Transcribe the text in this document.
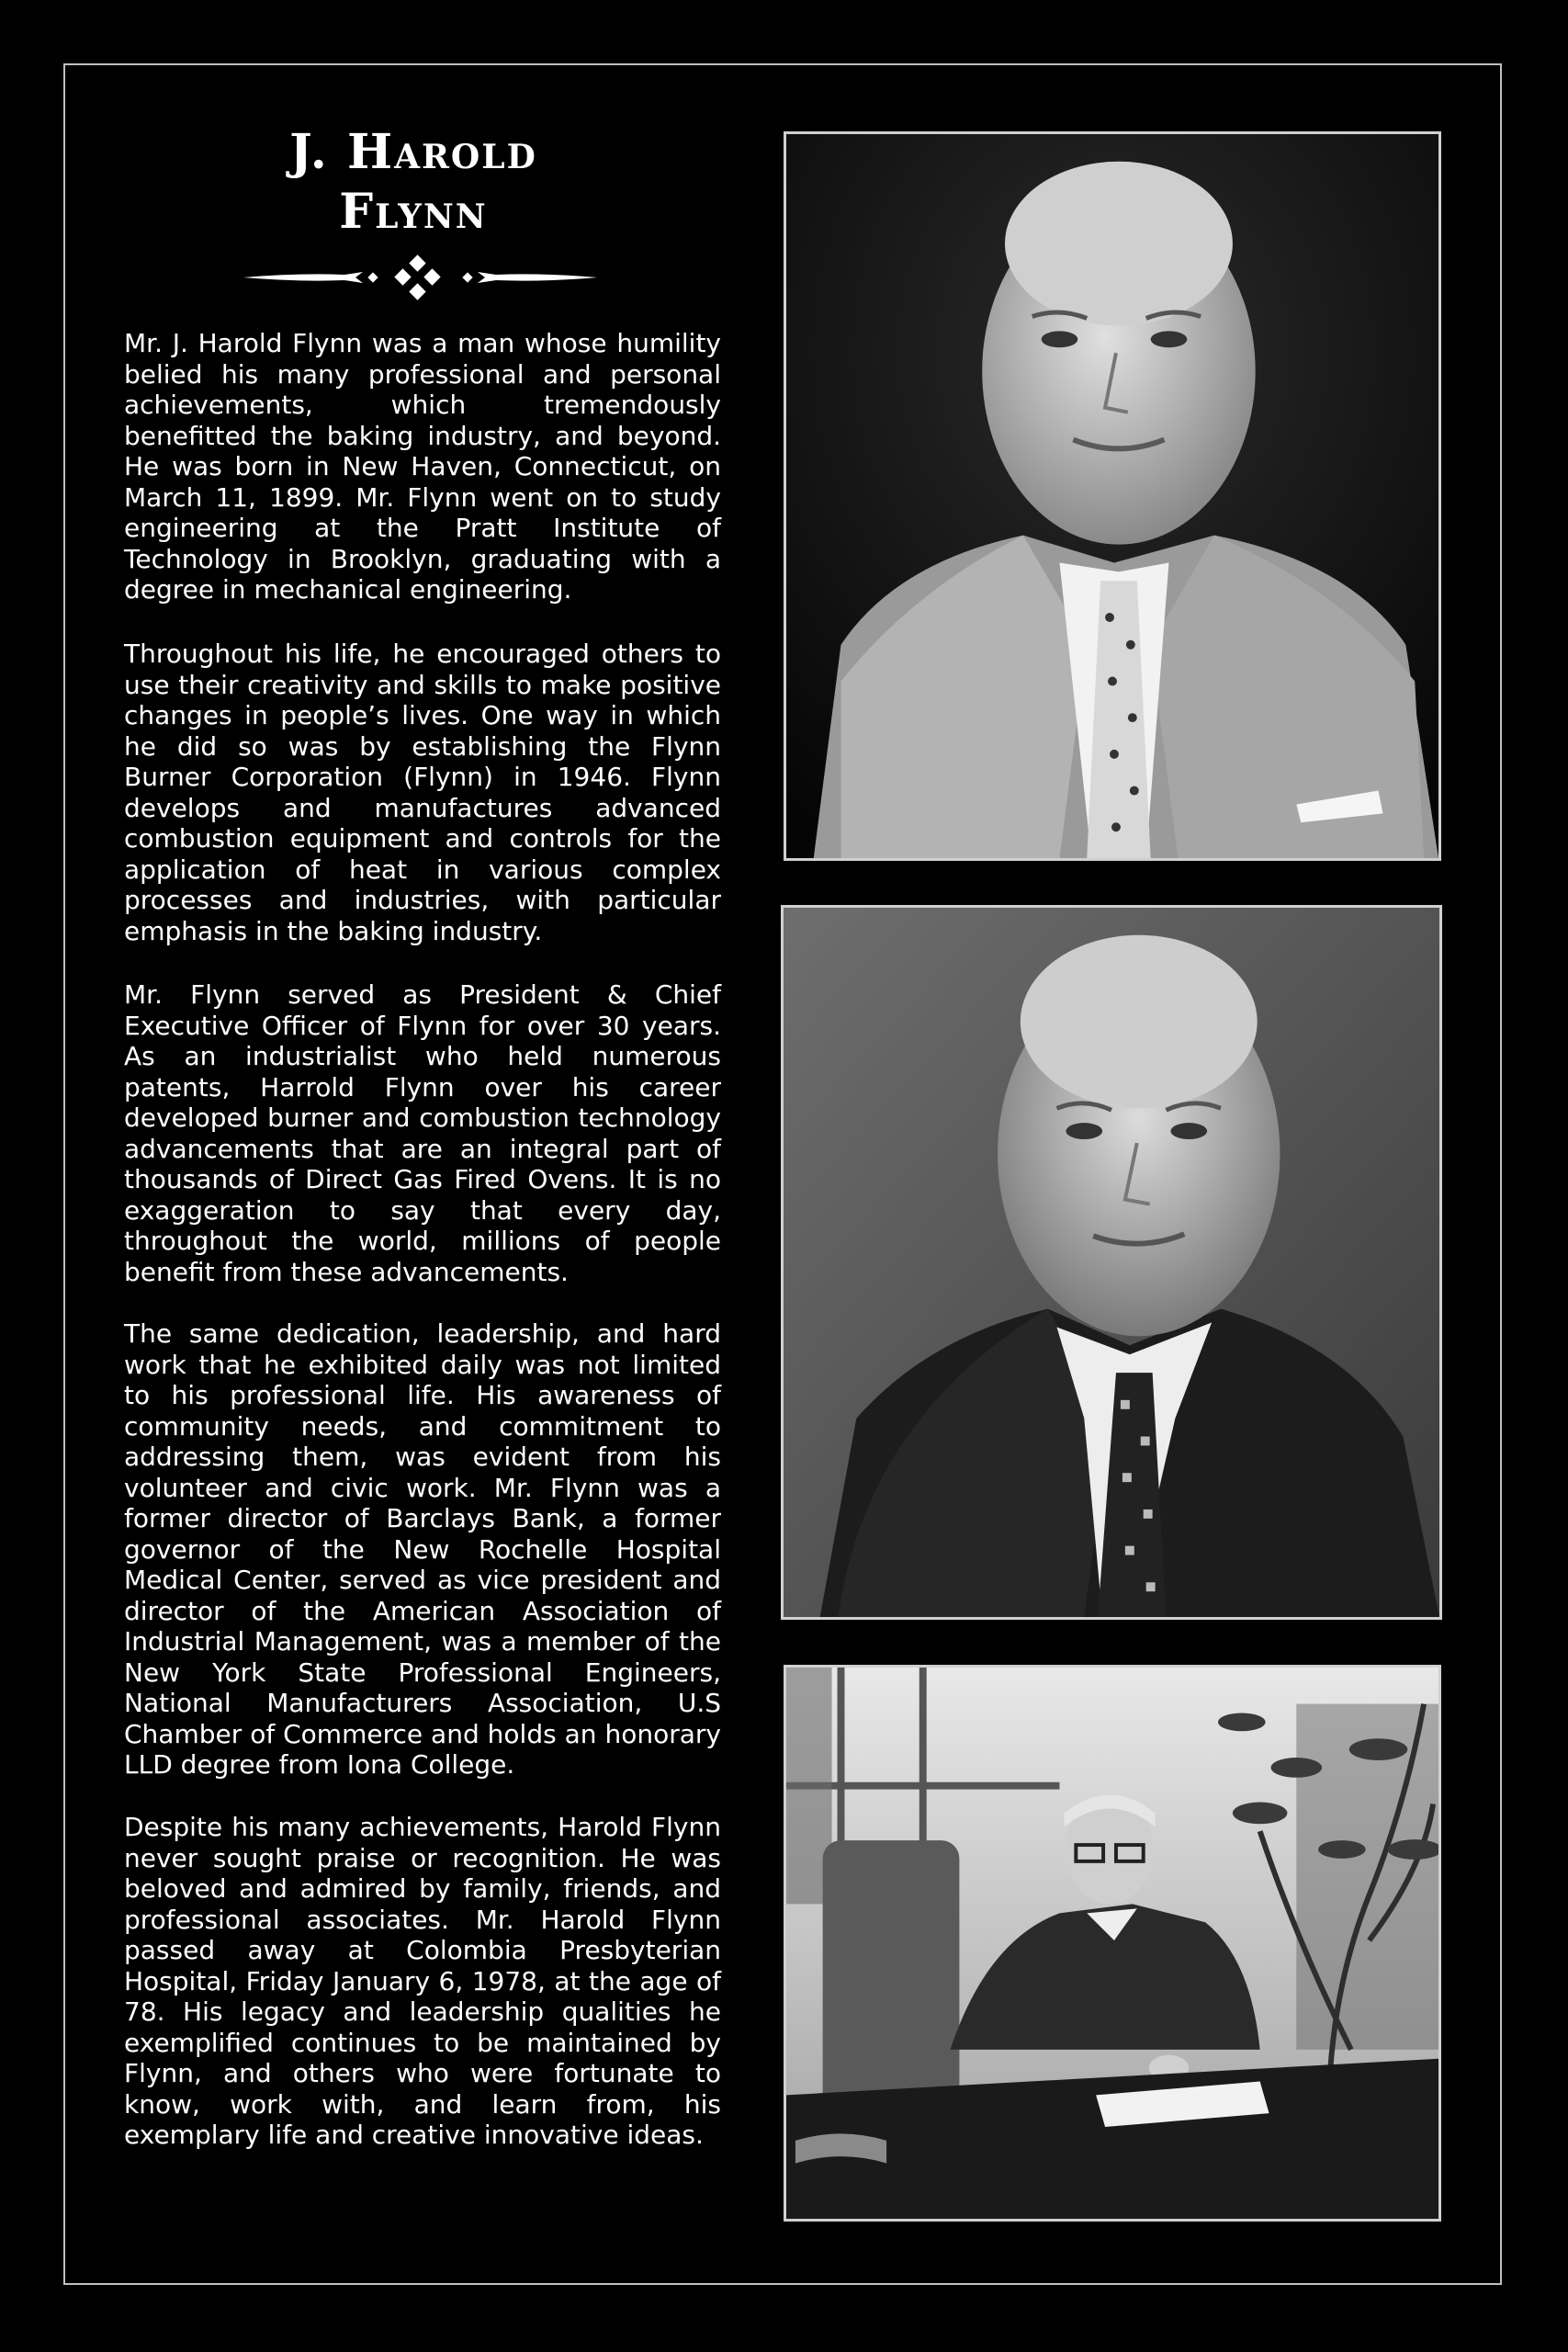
J. Harold
Flynn

Mr. J. Harold Flynn was a man whose humility belied his many professional and personal achievements, which tremendously benefitted the baking industry, and beyond. He was born in New Haven, Connecticut, on March 11, 1899. Mr. Flynn went on to study engineering at the Pratt Institute of Technology in Brooklyn, graduating with a degree in mechanical engineering.

Throughout his life, he encouraged others to use their creativity and skills to make positive changes in people’s lives. One way in which he did so was by establishing the Flynn Burner Corporation (Flynn) in 1946. Flynn develops and manufactures advanced combustion equipment and controls for the application of heat in various complex processes and industries, with particular emphasis in the baking industry.

Mr. Flynn served as President & Chief Executive Officer of Flynn for over 30 years. As an industrialist who held numerous patents, Harrold Flynn over his career developed burner and combustion technology advancements that are an integral part of thousands of Direct Gas Fired Ovens. It is no exaggeration to say that every day, throughout the world, millions of people benefit from these advancements.

The same dedication, leadership, and hard work that he exhibited daily was not limited to his professional life. His awareness of community needs, and commitment to addressing them, was evident from his volunteer and civic work. Mr. Flynn was a former director of Barclays Bank, a former governor of the New Rochelle Hospital Medical Center, served as vice president and director of the American Association of Industrial Management, was a member of the New York State Professional Engineers, National Manufacturers Association, U.S Chamber of Commerce and holds an honorary LLD degree from Iona College.

Despite his many achievements, Harold Flynn never sought praise or recognition. He was beloved and admired by family, friends, and professional associates. Mr. Harold Flynn passed away at Colombia Presbyterian Hospital, Friday January 6, 1978, at the age of 78. His legacy and leadership qualities he exemplified continues to be maintained by Flynn, and others who were fortunate to know, work with, and learn from, his exemplary life and creative innovative ideas.
